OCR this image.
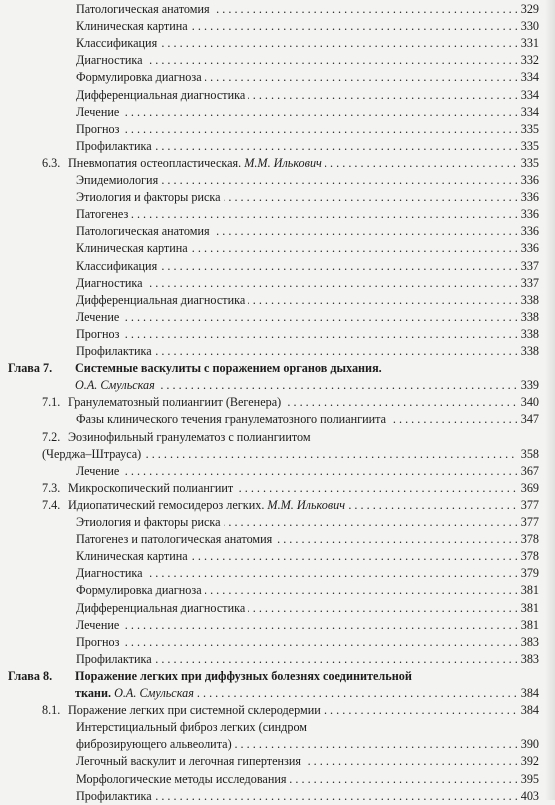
. . .
Патологическая анатомия	329
. . .
Клиническая картина	330
. . .
Классификация	331
. . .
Диагностика	332
. . .
Формулировка диагноза	334
. . .
Дифференциальная диагностика	334
. . .
Лечение	334
. . .
Прогноз	335
. . .
Профилактика	335
6.3. . . . Пневмопатия остеопластическая. М.М. Илькович	335
. . .
Эпидемиология	336
. . .
Этиология и факторы риска	336
. . .
Патогенез	336
. . .
Патологическая анатомия	336
. . .
Клиническая картина	336
. . .
Классификация	337
. . .
Диагностика	337
. . .
Дифференциальная диагностика	338
. . .
Лечение	338
. . .
Прогноз	338
. . .
Профилактика	338
Глава 7. Системные васкулиты с поражением органов дыхания.
. . .
О.А. Смульская	339
7.1. . . . Гранулематозный полиангиит (Вегенера)	340
. . .
Фазы клинического течения гранулематозного полиангиита	347
7.2. Эозинофильный гранулематоз с полиангиитом
. . .
(Черджа–Штрауса)	358
. . .
Лечение	367
7.3. . . . Микроскопический полиангиит	369
7.4. . . . Идиопатический гемосидероз легких. М.М. Илькович	377
. . .
Этиология и факторы риска	377
. . .
Патогенез и патологическая анатомия	378
. . .
Клиническая картина	378
. . .
Диагностика	379
. . .
Формулировка диагноза	381
. . .
Дифференциальная диагностика	381
. . .
Лечение	381
. . .
Прогноз	383
. . .
Профилактика	383
Глава 8. Поражение легких при диффузных болезнях соединительной
. . .
ткани. О.А. Смульская	384
8.1. . . . Поражение легких при системной склеродермии	384
Интерстициальный фиброз легких (синдром
. . .
фиброзирующего альвеолита)	390
. . .
Легочный васкулит и легочная гипертензия	392
. . .
Морфологические методы исследования	395
. . .
Профилактика	403
